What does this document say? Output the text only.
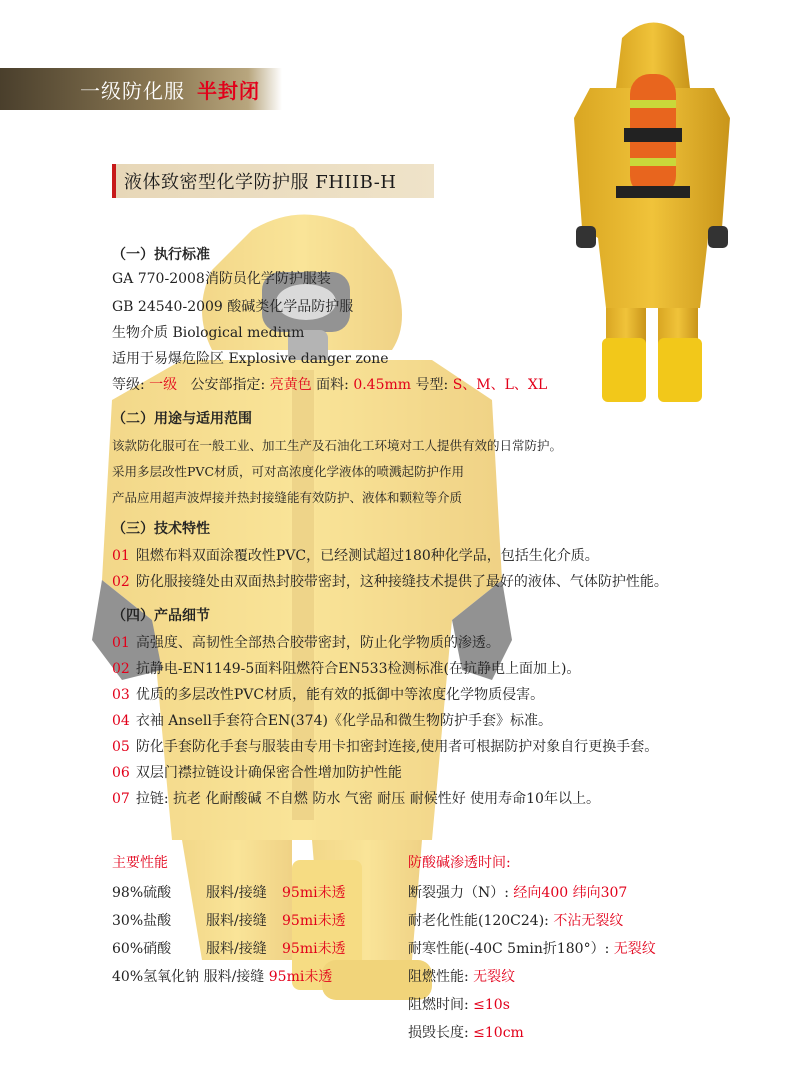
一级防化服 半封闭
液体致密型化学防护服 FHIIB-H
（一）执行标准
GA 770-2008消防员化学防护服装
GB 24540-2009 酸碱类化学品防护服
生物介质 Biological medium
适用于易爆危险区 Explosive danger zone
等级: 一级 公安部指定: 亮黄色 面料: 0.45mm 号型: S、M、L、XL
（二）用途与适用范围
该款防化服可在一般工业、加工生产及石油化工环境对工人提供有效的日常防护。
采用多层改性PVC材质，可对高浓度化学液体的喷溅起防护作用
产品应用超声波焊接并热封接缝能有效防护、液体和颗粒等介质
（三）技术特性
01 阻燃布料双面涂覆改性PVC，已经测试超过180种化学品，包括生化介质。
02 防化服接缝处由双面热封胶带密封，这种接缝技术提供了最好的液体、气体防护性能。
（四）产品细节
01 高强度、高韧性全部热合胶带密封，防止化学物质的渗透。
02 抗静电-EN1149-5面料阻燃符合EN533检测标准(在抗静电上面加上)。
03 优质的多层改性PVC材质，能有效的抵御中等浓度化学物质侵害。
04 衣袖 Ansell手套符合EN(374)《化学品和微生物防护手套》标准。
05 防化手套防化手套与服装由专用卡扣密封连接,使用者可根据防护对象自行更换手套。
06 双层门襟拉链设计确保密合性增加防护性能
07 拉链: 抗老 化耐酸碱 不自燃 防水 气密 耐压 耐候性好 使用寿命10年以上。
主要性能
98%硫酸 服料/接缝 95mi未透
30%盐酸 服料/接缝 95mi未透
60%硝酸 服料/接缝 95mi未透
40%氢氧化钠 服料/接缝 95mi未透
防酸碱渗透时间:
断裂强力（N）: 经向400 纬向307
耐老化性能(120C24): 不沾无裂纹
耐寒性能(-40C 5min折180°）: 无裂纹
阻燃性能: 无裂纹
阻燃时间: ≤10s
损毁长度: ≤10cm
